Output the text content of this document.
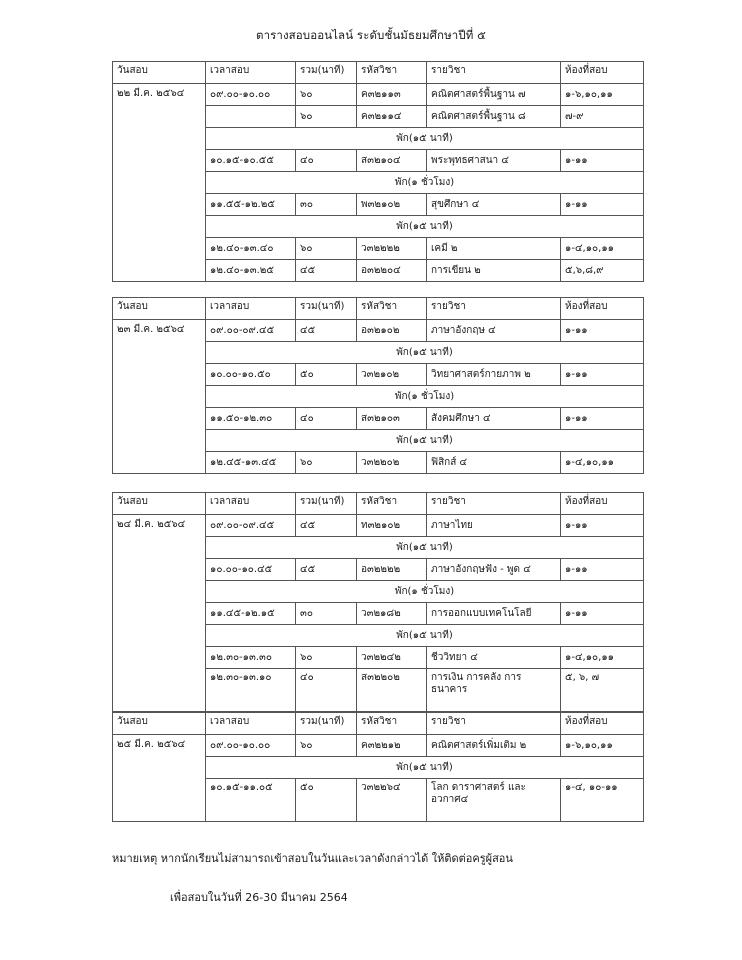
ตารางสอบออนไลน์ ระดับชั้นมัธยมศึกษาปีที่ ๕
วันสอบ	เวลาสอบ	รวม(นาที)	รหัสวิชา	รายวิชา	ห้องที่สอบ
๒๒ มี.ค. ๒๕๖๔	๐๙.๐๐-๑๐.๐๐	๖๐	ค๓๒๑๑๓	คณิตศาสตร์พื้นฐาน ๗	๑-๖,๑๐,๑๑
		๖๐	ค๓๒๑๑๔	คณิตศาสตร์พื้นฐาน ๘	๗-๙
	พัก(๑๕ นาที)				
	๑๐.๑๕-๑๐.๕๕	๔๐	ส๓๒๑๐๔	พระพุทธศาสนา ๔	๑-๑๑
	พัก(๑ ชั่วโมง)				
	๑๑.๕๕-๑๒.๒๕	๓๐	พ๓๒๑๐๒	สุขศึกษา ๔	๑-๑๑
	พัก(๑๕ นาที)				
	๑๒.๔๐-๑๓.๔๐	๖๐	ว๓๒๒๒๒	เคมี ๒	๑-๔,๑๐,๑๑
	๑๒.๔๐-๑๓.๒๕	๔๕	อ๓๒๒๐๔	การเขียน ๒	๕,๖,๘,๙
วันสอบ	เวลาสอบ	รวม(นาที)	รหัสวิชา	รายวิชา	ห้องที่สอบ
๒๓ มี.ค. ๒๕๖๔	๐๙.๐๐-๐๙.๔๕	๔๕	อ๓๒๑๐๒	ภาษาอังกฤษ ๔	๑-๑๑
	พัก(๑๕ นาที)				
	๑๐.๐๐-๑๐.๕๐	๕๐	ว๓๒๑๐๒	วิทยาศาสตร์กายภาพ ๒	๑-๑๑
	พัก(๑ ชั่วโมง)				
	๑๑.๕๐-๑๒.๓๐	๔๐	ส๓๒๑๐๓	สังคมศึกษา ๔	๑-๑๑
	พัก(๑๕ นาที)				
	๑๒.๔๕-๑๓.๔๕	๖๐	ว๓๒๒๐๒	ฟิสิกส์ ๔	๑-๔,๑๐,๑๑
วันสอบ	เวลาสอบ	รวม(นาที)	รหัสวิชา	รายวิชา	ห้องที่สอบ
๒๔ มี.ค. ๒๕๖๔	๐๙.๐๐-๐๙.๔๕	๔๕	ท๓๒๑๐๒	ภาษาไทย	๑-๑๑
	พัก(๑๕ นาที)				
	๑๐.๐๐-๑๐.๔๕	๔๕	อ๓๒๒๒๒	ภาษาอังกฤษฟัง - พูด ๔	๑-๑๑
	พัก(๑ ชั่วโมง)				
	๑๑.๔๕-๑๒.๑๕	๓๐	ว๓๒๑๘๒	การออกแบบเทคโนโลยี	๑-๑๑
	พัก(๑๕ นาที)				
	๑๒.๓๐-๑๓.๓๐	๖๐	ว๓๒๒๔๒	ชีววิทยา ๔	๑-๔,๑๐,๑๑
	๑๒.๓๐-๑๓.๑๐	๔๐	ส๓๒๒๐๒	การเงิน การคลัง การธนาคาร	๕, ๖, ๗
วันสอบ	เวลาสอบ	รวม(นาที)	รหัสวิชา	รายวิชา	ห้องที่สอบ
๒๕ มี.ค. ๒๕๖๔	๐๙.๐๐-๑๐.๐๐	๖๐	ค๓๒๒๑๒	คณิตศาสตร์เพิ่มเติม ๒	๑-๖,๑๐,๑๑
	พัก(๑๕ นาที)				
	๑๐.๑๕-๑๑.๐๕	๕๐	ว๓๒๒๖๔	โลก ดาราศาสตร์ และ อวกาศ๔	๑-๔, ๑๐-๑๑
หมายเหตุ หากนักเรียนไม่สามารถเข้าสอบในวันและเวลาดังกล่าวได้ ให้ติดต่อครูผู้สอน
เพื่อสอบในวันที่ 26-30 มีนาคม 2564
